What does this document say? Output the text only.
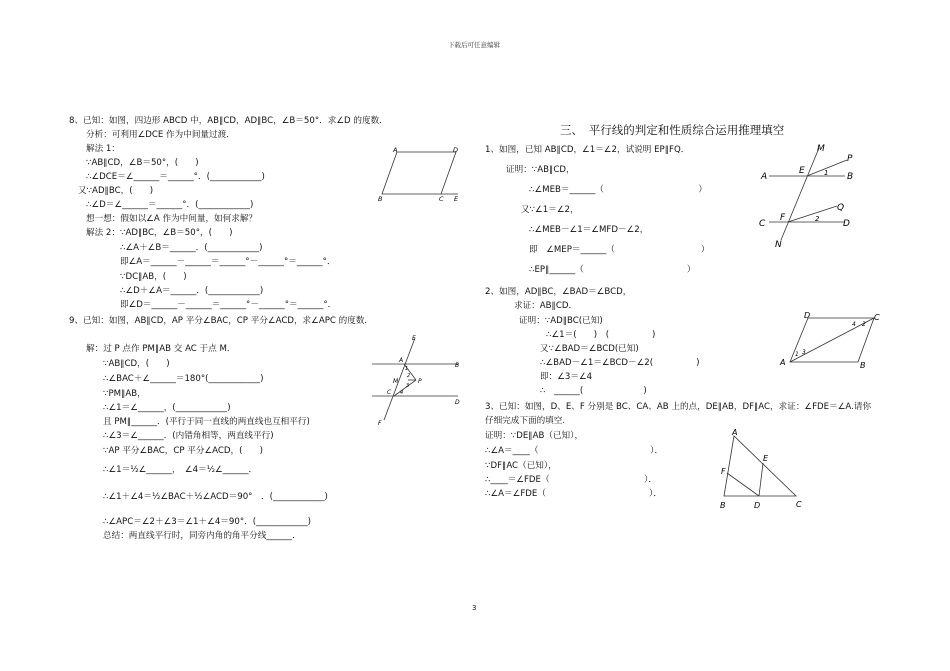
下载后可任意编辑
3
8、已知：如图，四边形 ABCD 中，AB∥CD，AD∥BC，∠B＝50°．求∠D 的度数．
分析：可利用∠DCE 作为中间量过渡．
解法 1：
∵AB∥CD，∠B＝50°，(　　)
∴∠DCE＝∠______＝______°．(____________)
又∵AD∥BC，(　　)
∴∠D＝∠______＝______°．(____________)
想一想：假如以∠A 作为中间量，如何求解？
解法 2：∵AD∥BC，∠B＝50°，(　　)
∴∠A＋∠B＝______．(____________)
即∠A＝______－______＝______°－______°＝______°．
∵DC∥AB，(　　)
∴∠D＋∠A＝______．(____________)
即∠D＝______－______＝______°－______°＝______°．
9、已知：如图，AB∥CD，AP 平分∠BAC，CP 平分∠ACD，求∠APC 的度数．
解：过 P 点作 PM∥AB 交 AC 于点 M．
∵AB∥CD，(　　)
∴∠BAC＋∠______＝180°(____________)
∵PM∥AB，
∴∠1＝∠______，(____________)
且 PM∥______．(平行于同一直线的两直线也互相平行)
∴∠3＝∠______．(内错角相等，两直线平行)
∵AP 平分∠BAC，CP 平分∠ACD，(　　)
∴∠1＝½∠______，　∠4＝½∠______．
∴∠1＋∠4＝½∠BAC＋½∠ACD＝90°　．(____________)
∴∠APC＝∠2＋∠3＝∠1＋∠4＝90°．(____________)
总结：两直线平行时，同旁内角的角平分线______．
A	D
B	C E
E
A
B
M	P
C
D
F
1
2
3
4
三、　平行线的判定和性质综合运用推理填空
1、如图，已知 AB∥CD，∠1＝∠2，试说明 EP∥FQ．
证明：∵AB∥CD，
∴∠MEB＝______（　　　　　　　　　　　）
又∵∠1＝∠2，
∴∠MEB－∠1＝∠MFD－∠2，
即　∠MEP＝______（　　　　　　　　　　）
∴EP∥______（　　　　　　　　　　　　）
2、如图，AD∥BC，∠BAD＝∠BCD，
求证：AB∥CD．
证明：∵AD∥BC(已知)
∴∠1＝(　　)　(　　　　　)
又∵∠BAD＝∠BCD(已知)
∴∠BAD－∠1＝∠BCD－∠2(　　　　　)
即：∠3＝∠4
∴　______(　　　　　　　)
3、已知：如图，D、E、F 分别是 BC、CA、AB 上的点，DE∥AB，DF∥AC，求证：∠FDE＝∠A.请你
仔细完成下面的填空.
证明：∵DE∥AB（已知），
∴∠A＝____（　　　　　　　　　　　　　）．
∵DF∥AC（已知），
∴____＝∠FDE（　　　　　　　　　　　）．
∴∠A＝∠FDE（　　　　　　　　　　　　）．
M
P
A
E	1 B
C
F	2
Q
D
N
D	C
4 2
1 3
A	B
A
E
F
B	D	C
